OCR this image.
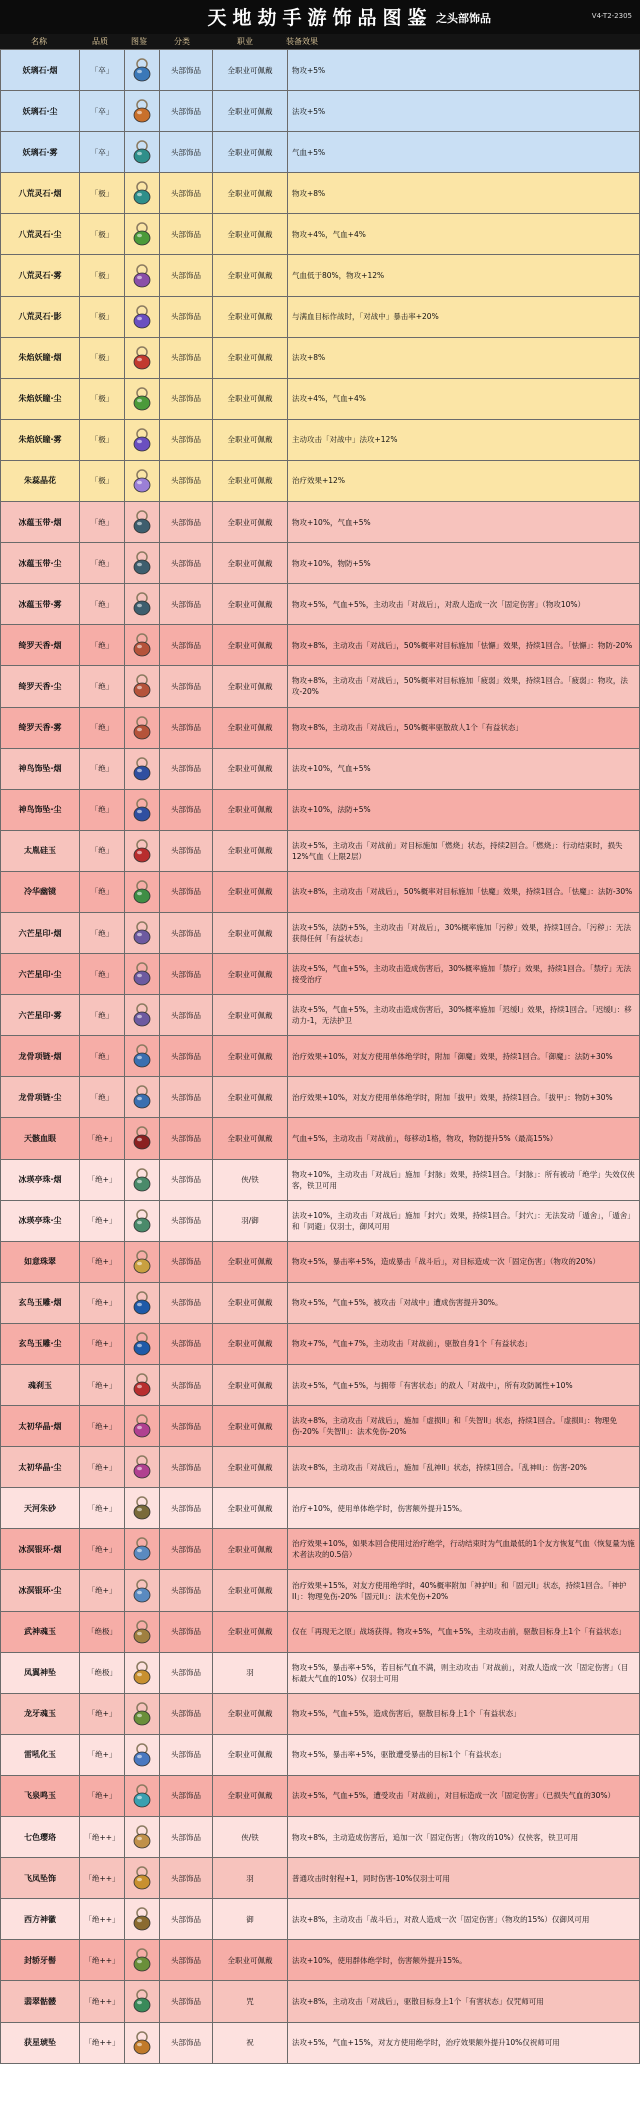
天地劫手游饰品图鉴 之头部饰品	V4-T2-2305
名称	品质	图鉴	分类	职业	装备效果
妖璃石·烟	「卒」		头部饰品	全职业可佩戴	物攻+5%
妖璃石·尘	「卒」		头部饰品	全职业可佩戴	法攻+5%
妖璃石·雾	「卒」		头部饰品	全职业可佩戴	气血+5%
八荒灵石·烟	「极」		头部饰品	全职业可佩戴	物攻+8%
八荒灵石·尘	「极」		头部饰品	全职业可佩戴	物攻+4%，气血+4%
八荒灵石·雾	「极」		头部饰品	全职业可佩戴	气血低于80%，物攻+12%
八荒灵石·影	「极」		头部饰品	全职业可佩戴	与满血目标作战时，「对战中」暴击率+20%
朱焰妖瞳·烟	「极」		头部饰品	全职业可佩戴	法攻+8%
朱焰妖瞳·尘	「极」		头部饰品	全职业可佩戴	法攻+4%，气血+4%
朱焰妖瞳·雾	「极」		头部饰品	全职业可佩戴	主动攻击「对战中」法攻+12%
朱蕊晶花	「极」		头部饰品	全职业可佩戴	治疗效果+12%
冰蕴玉带·烟	「绝」		头部饰品	全职业可佩戴	物攻+10%，气血+5%
冰蕴玉带·尘	「绝」		头部饰品	全职业可佩戴	物攻+10%，物防+5%
冰蕴玉带·雾	「绝」		头部饰品	全职业可佩戴	物攻+5%，气血+5%，主动攻击「对战后」，对敌人造成一次「固定伤害」（物攻10%）
绮罗天香·烟	「绝」		头部饰品	全职业可佩戴	物攻+8%，主动攻击「对战后」，50%概率对目标施加「怯懈」效果，持续1回合。「怯懈」：物防-20%
绮罗天香·尘	「绝」		头部饰品	全职业可佩戴	物攻+8%，主动攻击「对战后」，50%概率对目标施加「疲弱」效果，持续1回合。「疲弱」：物攻，法攻-20%
绮罗天香·雾	「绝」		头部饰品	全职业可佩戴	物攻+8%，主动攻击「对战后」，50%概率驱散敌人1个「有益状态」
神鸟饰坠·烟	「绝」		头部饰品	全职业可佩戴	法攻+10%，气血+5%
神鸟饰坠·尘	「绝」		头部饰品	全职业可佩戴	法攻+10%，法防+5%
太胤硅玉	「绝」		头部饰品	全职业可佩戴	法攻+5%，主动攻击「对战前」对目标施加「燃烧」状态，持续2回合。「燃烧」：行动结束时，损失12%气血（上限2层）
冷华幽镜	「绝」		头部饰品	全职业可佩戴	法攻+8%，主动攻击「对战后」，50%概率对目标施加「怯魔」效果，持续1回合。「怯魔」：法防-30%
六芒星印·烟	「绝」		头部饰品	全职业可佩戴	法攻+5%，法防+5%，主动攻击「对战后」，30%概率施加「污秽」效果，持续1回合。「污秽」：无法获得任何「有益状态」
六芒星印·尘	「绝」		头部饰品	全职业可佩戴	法攻+5%，气血+5%，主动攻击造成伤害后，30%概率施加「禁疗」效果，持续1回合。「禁疗」无法接受治疗
六芒星印·雾	「绝」		头部饰品	全职业可佩戴	法攻+5%，气血+5%，主动攻击造成伤害后，30%概率施加「迟缓I」效果，持续1回合。「迟缓I」：移动力-1，无法护卫
龙骨项链·烟	「绝」		头部饰品	全职业可佩戴	治疗效果+10%，对友方使用单体绝学时，附加「御魔」效果，持续1回合。「御魔」：法防+30%
龙骨项链·尘	「绝」		头部饰品	全职业可佩戴	治疗效果+10%，对友方使用单体绝学时，附加「拔甲」效果，持续1回合。「拔甲」：物防+30%
天骸血眼	「绝+」		头部饰品	全职业可佩戴	气血+5%，主动攻击「对战前」，每移动1格，物攻，物防提升5%（最高15%）
冰瑛亭珠·烟	「绝+」		头部饰品	侠/铁	物攻+10%，主动攻击「对战后」施加「封脉」效果，持续1回合。「封脉」：所有被动「绝学」失效仅侠客，铁卫可用
冰瑛亭珠·尘	「绝+」		头部饰品	羽/御	法攻+10%，主动攻击「对战后」施加「封穴」效果，持续1回合。「封穴」：无法发动「遁舍」，「遁舍」和「同避」仅羽士，御风可用
如意珠翠	「绝+」		头部饰品	全职业可佩戴	物攻+5%，暴击率+5%，造成暴击「战斗后」，对目标造成一次「固定伤害」（物攻的20%）
玄鸟玉雕·烟	「绝+」		头部饰品	全职业可佩戴	物攻+5%，气血+5%，被攻击「对战中」遭成伤害提升30%。
玄鸟玉雕·尘	「绝+」		头部饰品	全职业可佩戴	物攻+7%，气血+7%，主动攻击「对战前」，驱散自身1个「有益状态」
魂刹玉	「绝+」		头部饰品	全职业可佩戴	法攻+5%，气血+5%，与拥带「有害状态」的敌人「对战中」，所有攻防属性+10%
太初华晶·烟	「绝+」		头部饰品	全职业可佩戴	法攻+8%，主动攻击「对战后」，施加「虚损II」和「失智II」状态，持续1回合。「虚损II」：物理免伤-20%「失智II」：法术免伤-20%
太初华晶·尘	「绝+」		头部饰品	全职业可佩戴	法攻+8%，主动攻击「对战后」，施加「乱神II」状态，持续1回合。「乱神II」：伤害-20%
天河朱砂	「绝+」		头部饰品	全职业可佩戴	治疗+10%，使用单体绝学时，伤害额外提升15%。
冰溟银环·烟	「绝+」		头部饰品	全职业可佩戴	治疗效果+10%，如果本回合使用过治疗绝学，行动结束时为气血最低的1个友方恢复气血（恢复量为施术者法攻的0.5倍）
冰溟银环·尘	「绝+」		头部饰品	全职业可佩戴	治疗效果+15%，对友方使用绝学时，40%概率附加「神护II」和「固元II」状态，持续1回合。「神护II」：物理免伤-20%「固元II」：法术免伤+20%
武神魂玉	「绝极」		头部饰品	全职业可佩戴	仅在「再现无之原」战场获得。物攻+5%，气血+5%，主动攻击前，驱散目标身上1个「有益状态」
凤翼神坠	「绝极」		头部饰品	羽	物攻+5%，暴击率+5%，若目标气血不满，则主动攻击「对战前」，对敌人造成一次「固定伤害」（目标最大气血的10%）仅羽士可用
龙牙魂玉	「绝+」		头部饰品	全职业可佩戴	物攻+5%，气血+5%，造成伤害后，驱散目标身上1个「有益状态」
雷吼化玉	「绝+」		头部饰品	全职业可佩戴	物攻+5%，暴击率+5%，驱散遭受暴击的目标1个「有益状态」
飞泉鸣玉	「绝+」		头部饰品	全职业可佩戴	法攻+5%，气血+5%，遭受攻击「对战前」，对目标造成一次「固定伤害」（已损失气血的30%）
七色璎珞	「绝++」		头部饰品	侠/铁	物攻+8%，主动造成伤害后，追加一次「固定伤害」（物攻的10%）仅侠客，铁卫可用
飞凤坠饰	「绝++」		头部饰品	羽	普通攻击时射程+1，同时伤害-10%仅羽士可用
西方神徽	「绝++」		头部饰品	御	法攻+8%，主动攻击「战斗后」，对敌人造成一次「固定伤害」（物攻的15%）仅御风可用
封轿牙髻	「绝++」		头部饰品	全职业可佩戴	法攻+10%，使用群体绝学时，伤害额外提升15%。
翡翠骷髅	「绝++」		头部饰品	咒	法攻+8%，主动攻击「对战后」，驱散目标身上1个「有害状态」仅咒师可用
获星琥坠	「绝++」		头部饰品	祝	法攻+5%，气血+15%，对友方使用绝学时，治疗效果额外提升10%仅祝师可用
